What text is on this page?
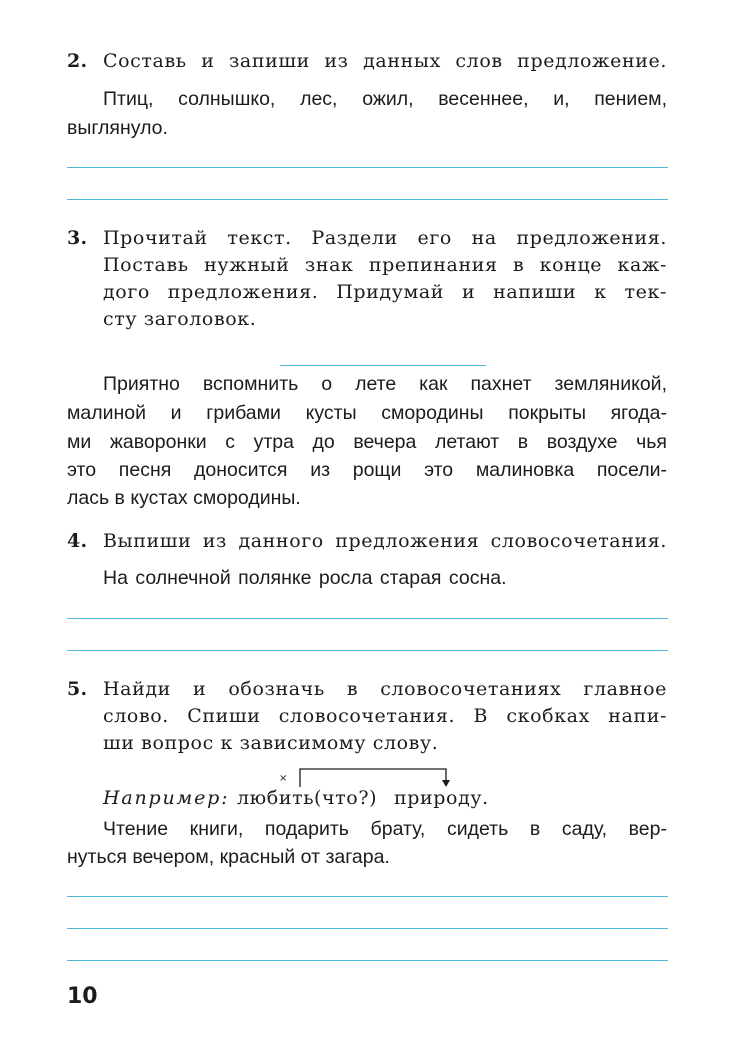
2. Составь и запиши из данных слов предложение.
Птиц, солнышко, лес, ожил, весеннее, и, пением,
выглянуло.
3. Прочитай текст. Раздели его на предложения.
Поставь нужный знак препинания в конце каж-
дого предложения. Придумай и напиши к тек-
сту заголовок.
Приятно вспомнить о лете как пахнет земляникой,
малиной и грибами кусты смородины покрыты ягода-
ми жаворонки с утра до вечера летают в воздухе чья
это песня доносится из рощи это малиновка посели-
лась в кустах смородины.
4. Выпиши из данного предложения словосочетания.
На солнечной полянке росла старая сосна.
5. Найди и обозначь в словосочетаниях главное
слово. Спиши словосочетания. В скобках напи-
ши вопрос к зависимому слову.
Например: любить (что?) природу.
×
Чтение книги, подарить брату, сидеть в саду, вер-
нуться вечером, красный от загара.
10
